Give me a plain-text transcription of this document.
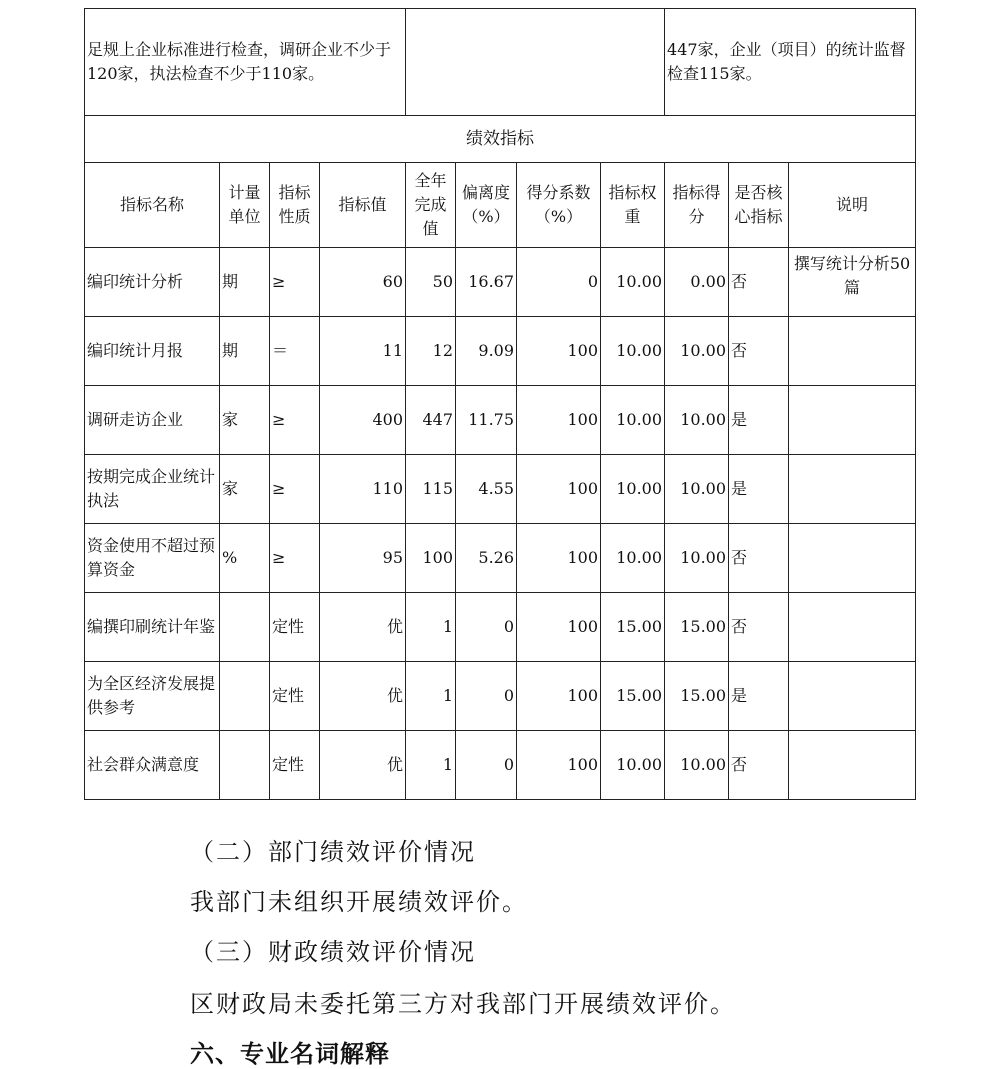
足规上企业标准进行检查，调研企业不少于120家，执法检查不少于110家。								447家，企业（项目）的统计监督检查115家。		
绩效指标										
指标名称	计量单位	指标性质	指标值	全年完成值	偏离度（%）	得分系数（%）	指标权重	指标得分	是否核心指标	说明
编印统计分析	期	≥	60	50	16.67	0	10.00	0.00	否	撰写统计分析50篇
编印统计月报	期	＝	11	12	9.09	100	10.00	10.00	否	
调研走访企业	家	≥	400	447	11.75	100	10.00	10.00	是	
按期完成企业统计执法	家	≥	110	115	4.55	100	10.00	10.00	是	
资金使用不超过预算资金	%	≥	95	100	5.26	100	10.00	10.00	否	
编撰印刷统计年鉴		定性	优	1	0	100	15.00	15.00	否	
为全区经济发展提供参考		定性	优	1	0	100	15.00	15.00	是	
社会群众满意度		定性	优	1	0	100	10.00	10.00	否	
（二）部门绩效评价情况
我部门未组织开展绩效评价。
（三）财政绩效评价情况
区财政局未委托第三方对我部门开展绩效评价。
六、专业名词解释
